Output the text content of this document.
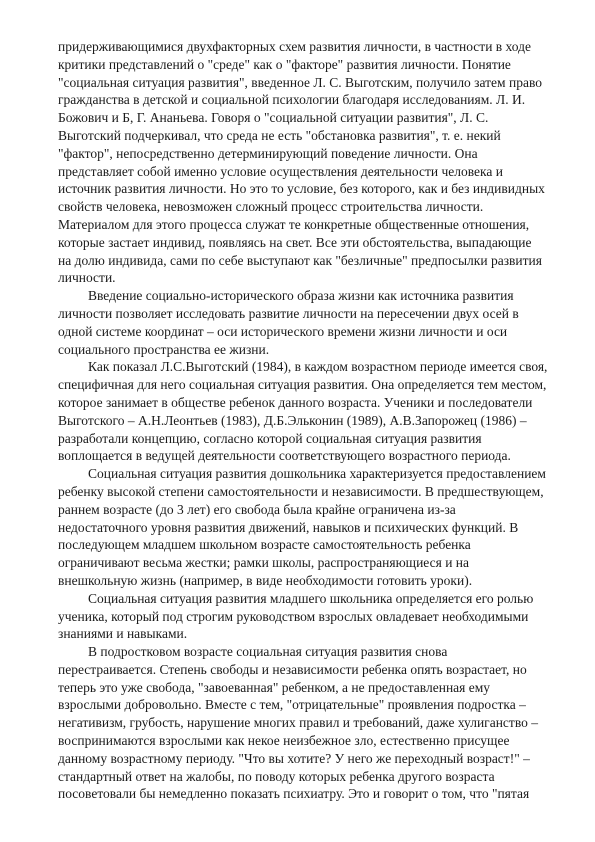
придерживающимися двухфакторных схем развития личности, в частности в ходе критики представлений о "среде" как о "факторе" развития личности. Понятие "социальная ситуация развития", введенное Л. С. Выготским, получило затем право гражданства в детской и социальной психологии благодаря исследованиям. Л. И. Божович и Б, Г. Ананьева. Говоря о "социальной ситуации развития", Л. С. Выготский подчеркивал, что среда не есть "обстановка развития", т. е. некий "фактор", непосредственно детерминирующий поведение личности. Она представляет собой именно условие осуществления деятельности человека и источник развития личности. Но это то условие, без которого, как и без индивидных свойств человека, невозможен сложный процесс строительства личности. Материалом для этого процесса служат те конкретные общественные отношения, которые застает индивид, появляясь на свет. Все эти обстоятельства, выпадающие на долю индивида, сами по себе выступают как "безличные" предпосылки развития личности.

Введение социально-исторического образа жизни как источника развития личности позволяет исследовать развитие личности на пересечении двух осей в одной системе координат – оси исторического времени жизни личности и оси социального пространства ее жизни.

Как показал Л.С.Выготский (1984), в каждом возрастном периоде имеется своя, специфичная для него социальная ситуация развития. Она определяется тем местом, которое занимает в обществе ребенок данного возраста. Ученики и последователи Выготского – А.Н.Леонтьев (1983), Д.Б.Эльконин (1989), А.В.Запорожец (1986) – разработали концепцию, согласно которой социальная ситуация развития воплощается в ведущей деятельности соответствующего возрастного периода.

Социальная ситуация развития дошкольника характеризуется предоставлением ребенку высокой степени самостоятельности и независимости. В предшествующем, раннем возрасте (до 3 лет) его свобода была крайне ограничена из-за недостаточного уровня развития движений, навыков и психических функций. В последующем младшем школьном возрасте самостоятельность ребенка ограничивают весьма жестки; рамки школы, распространяющиеся и на внешкольную жизнь (например, в виде необходимости готовить уроки).

Социальная ситуация развития младшего школьника определяется его ролью ученика, который под строгим руководством взрослых овладевает необходимыми знаниями и навыками.

В подростковом возрасте социальная ситуация развития снова перестраивается. Степень свободы и независимости ребенка опять возрастает, но теперь это уже свобода, "завоеванная" ребенком, а не предоставленная ему взрослыми добровольно. Вместе с тем, "отрицательные" проявления подростка – негативизм, грубость, нарушение многих правил и требований, даже хулиганство – воспринимаются взрослыми как некое неизбежное зло, естественно присущее данному возрастному периоду. "Что вы хотите? У него же переходный возраст!" – стандартный ответ на жалобы, по поводу которых ребенка другого возраста посоветовали бы немедленно показать психиатру. Это и говорит о том, что "пятая
